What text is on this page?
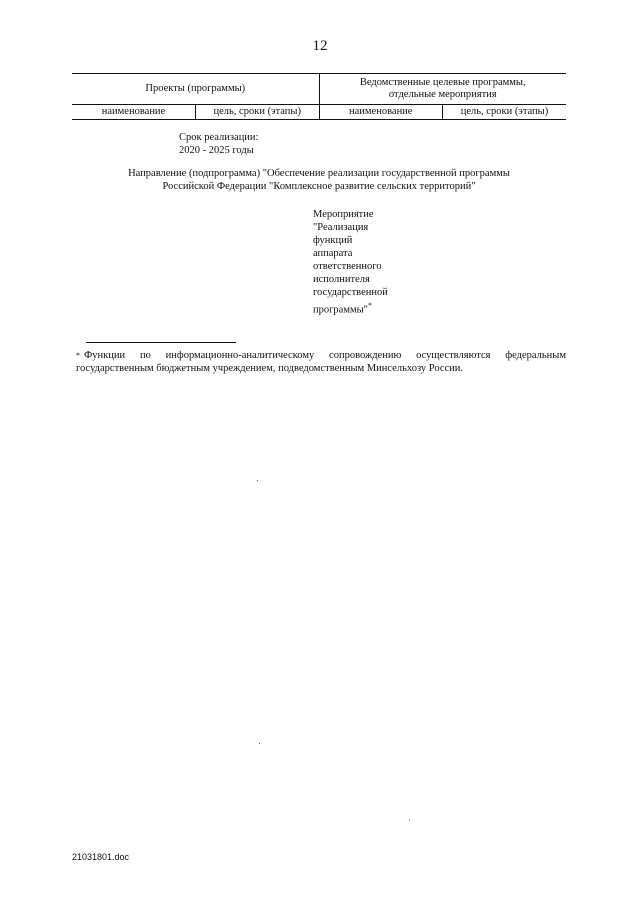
12
Проекты (программы)		Ведомственные целевые программы,
отдельные мероприятия	
наименование	цель, сроки (этапы)	наименование	цель, сроки (этапы)
Срок реализации:
2020 - 2025 годы
Направление (подпрограмма) "Обеспечение реализации государственной программы
Российской Федерации "Комплексное развитие сельских территорий"
Мероприятие
"Реализация
функций
аппарата
ответственного
исполнителя
государственной
программы"*
* Функции по информационно-аналитическому сопровождению осуществляются федеральным государственным бюджетным учреждением, подведомственным Минсельхозу России.
21031801.doc
